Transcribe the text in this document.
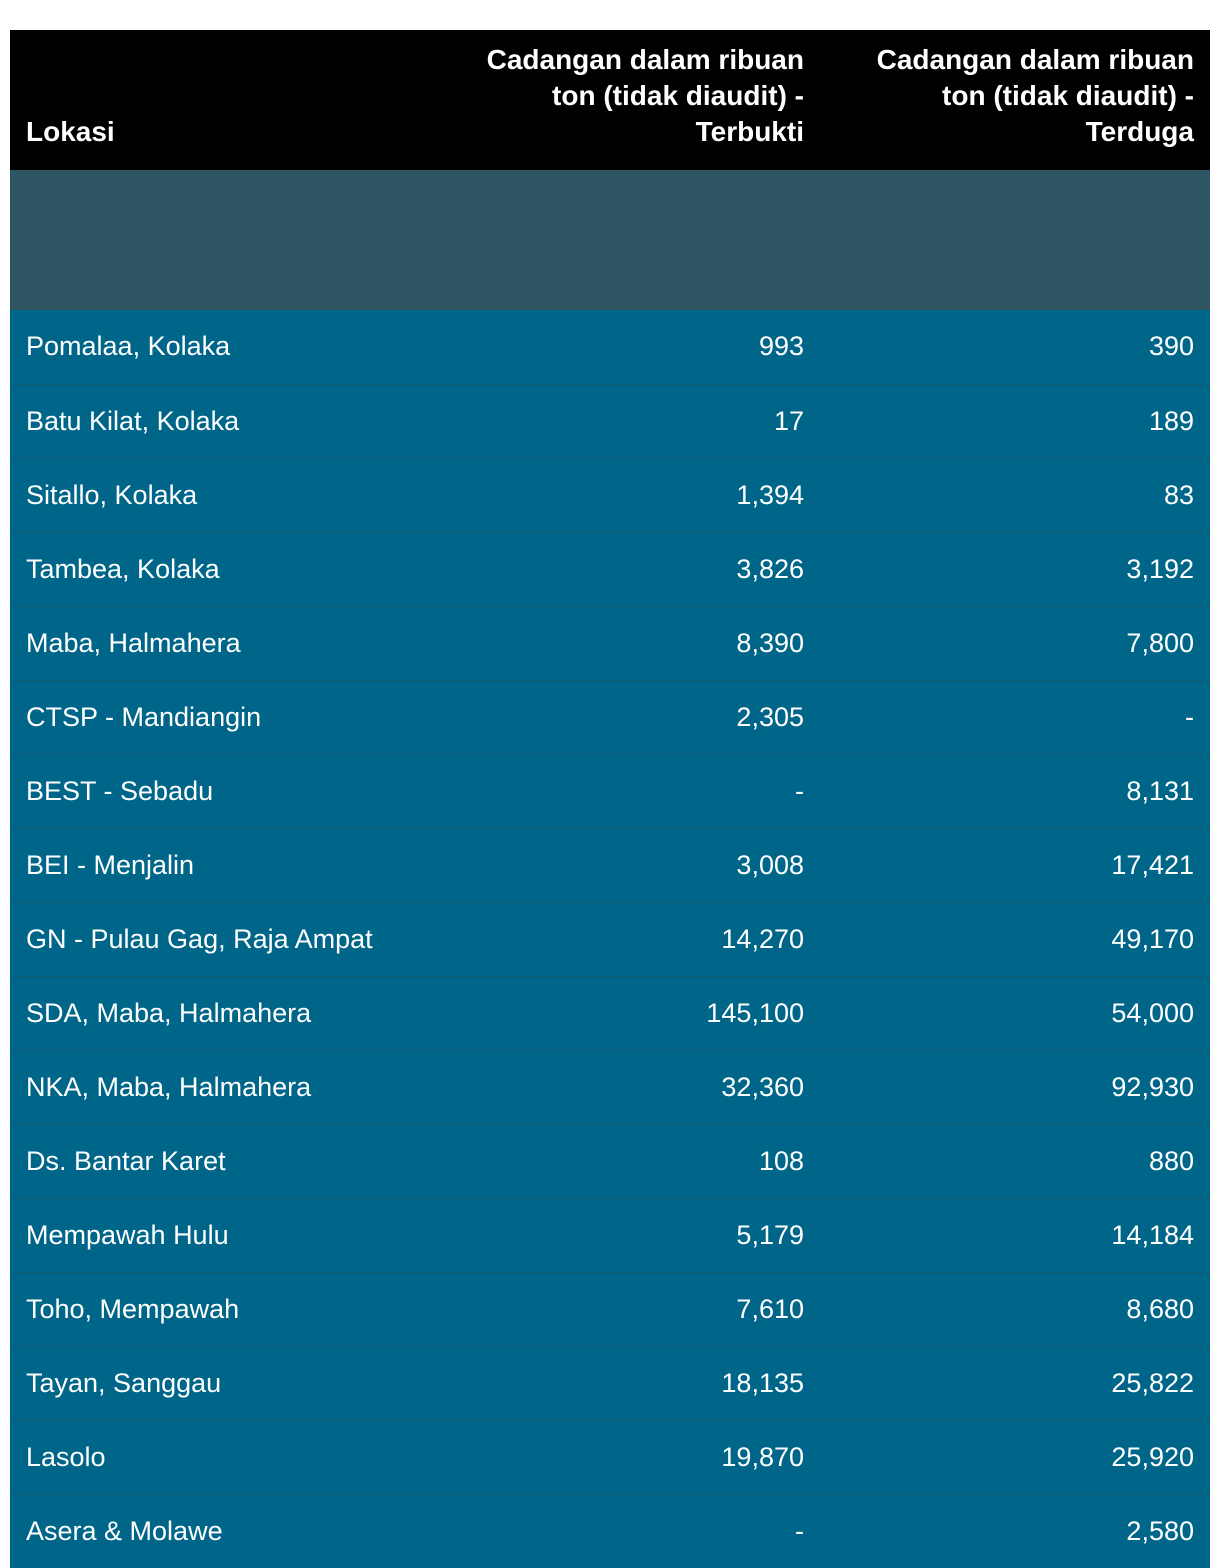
Lokasi	Cadangan dalam ribuan ton (tidak diaudit) - Terbukti	Cadangan dalam ribuan ton (tidak diaudit) - Terduga

Pomalaa, Kolaka	993	390
Batu Kilat, Kolaka	17	189
Sitallo, Kolaka	1,394	83
Tambea, Kolaka	3,826	3,192
Maba, Halmahera	8,390	7,800
CTSP - Mandiangin	2,305	-
BEST - Sebadu	-	8,131
BEI - Menjalin	3,008	17,421
GN - Pulau Gag, Raja Ampat	14,270	49,170
SDA, Maba, Halmahera	145,100	54,000
NKA, Maba, Halmahera	32,360	92,930
Ds. Bantar Karet	108	880
Mempawah Hulu	5,179	14,184
Toho, Mempawah	7,610	8,680
Tayan, Sanggau	18,135	25,822
Lasolo	19,870	25,920
Asera & Molawe	-	2,580
